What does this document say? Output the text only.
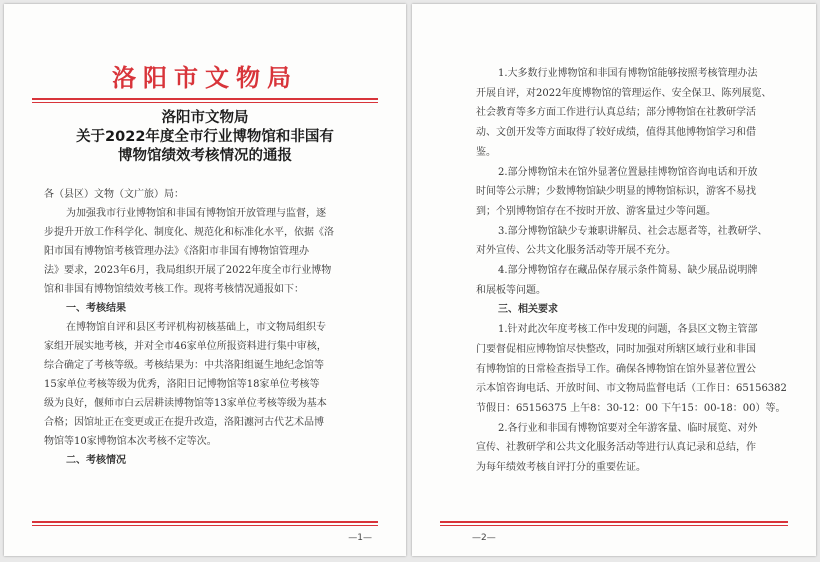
洛阳市文物局
洛阳市文物局
关于2022年度全市行业博物馆和非国有
博物馆绩效考核情况的通报
各（县区）文物（文广旅）局：
为加强我市行业博物馆和非国有博物馆开放管理与监督，逐
步提升开放工作科学化、制度化、规范化和标准化水平，依据《洛
阳市国有博物馆考核管理办法》《洛阳市非国有博物馆管理办
法》要求，2023年6月，我局组织开展了2022年度全市行业博物
馆和非国有博物馆绩效考核工作。现将考核情况通报如下：
一、考核结果
在博物馆自评和县区考评机构初核基础上，市文物局组织专
家组开展实地考核，并对全市46家单位所报资料进行集中审核，
综合确定了考核等级。考核结果为：中共洛阳组诞生地纪念馆等
15家单位考核等级为优秀，洛阳日记博物馆等18家单位考核等
级为良好，偃师市白云居耕读博物馆等13家单位考核等级为基本
合格；因馆址正在变更或正在提升改造，洛阳瀍河古代艺术品博
物馆等10家博物馆本次考核不定等次。
二、考核情况
—1—
1.大多数行业博物馆和非国有博物馆能够按照考核管理办法
开展自评，对2022年度博物馆的管理运作、安全保卫、陈列展览、
社会教育等多方面工作进行认真总结；部分博物馆在社教研学活
动、文创开发等方面取得了较好成绩，值得其他博物馆学习和借
鉴。
2.部分博物馆未在馆外显著位置悬挂博物馆咨询电话和开放
时间等公示牌；少数博物馆缺少明显的博物馆标识，游客不易找
到；个别博物馆存在不按时开放、游客量过少等问题。
3.部分博物馆缺少专兼职讲解员、社会志愿者等，社教研学、
对外宣传、公共文化服务活动等开展不充分。
4.部分博物馆存在藏品保存展示条件简易、缺少展品说明牌
和展板等问题。
三、相关要求
1.针对此次年度考核工作中发现的问题，各县区文物主管部
门要督促相应博物馆尽快整改，同时加强对所辖区域行业和非国
有博物馆的日常检查指导工作。确保各博物馆在馆外显著位置公
示本馆咨询电话、开放时间、市文物局监督电话（工作日：65156382
节假日：65156375 上午8：30-12：00 下午15：00-18：00）等。
2.各行业和非国有博物馆要对全年游客量、临时展览、对外
宣传、社教研学和公共文化服务活动等进行认真记录和总结，作
为每年绩效考核自评打分的重要佐证。
—2—
